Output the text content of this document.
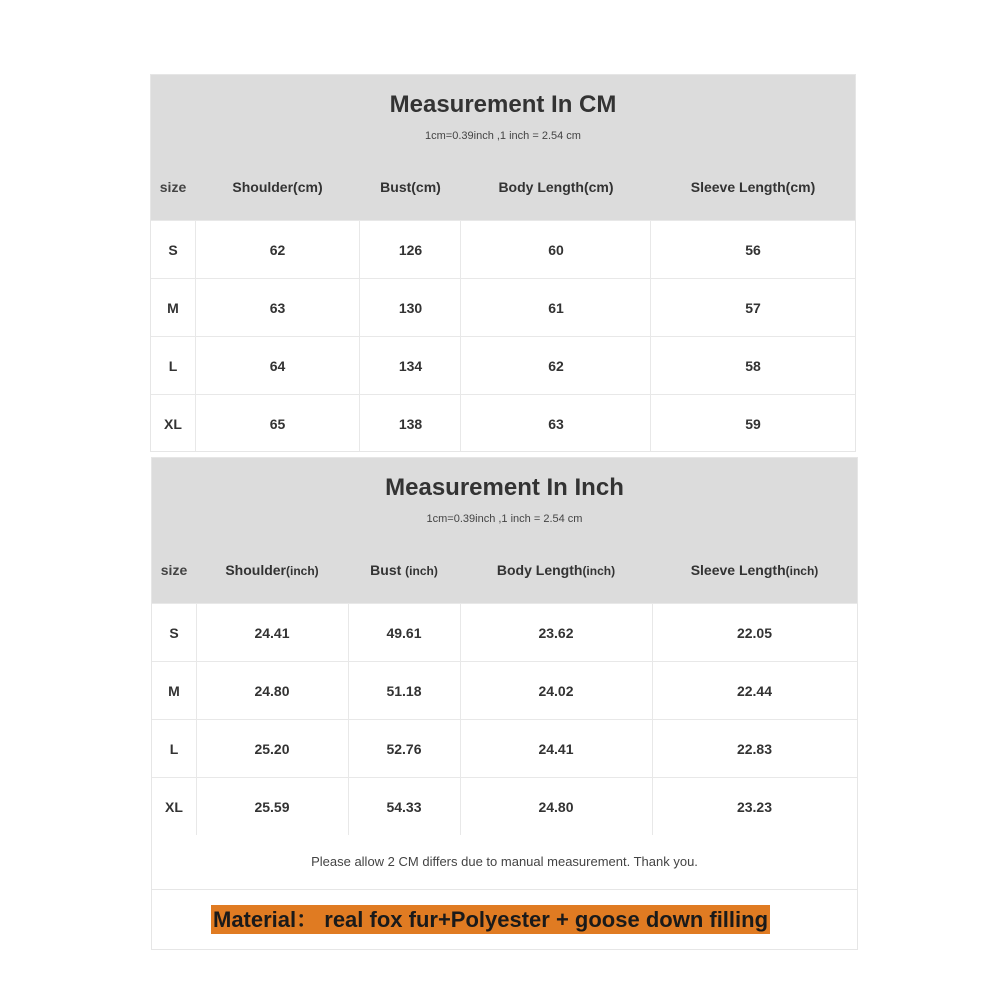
Measurement In CM
1cm=0.39inch ,1 inch = 2.54 cm
size	Shoulder(cm)	Bust(cm)	Body Length(cm)	Sleeve Length(cm)
S	62	126	60	56
M	63	130	61	57
L	64	134	62	58
XL	65	138	63	59
Measurement In Inch
1cm=0.39inch ,1 inch = 2.54 cm
size	Shoulder(inch)	Bust (inch)	Body Length(inch)	Sleeve Length(inch)
S	24.41	49.61	23.62	22.05
M	24.80	51.18	24.02	22.44
L	25.20	52.76	24.41	22.83
XL	25.59	54.33	24.80	23.23
Please allow 2 CM differs due to manual measurement. Thank you.
Material： real fox fur+Polyester + goose down filling
